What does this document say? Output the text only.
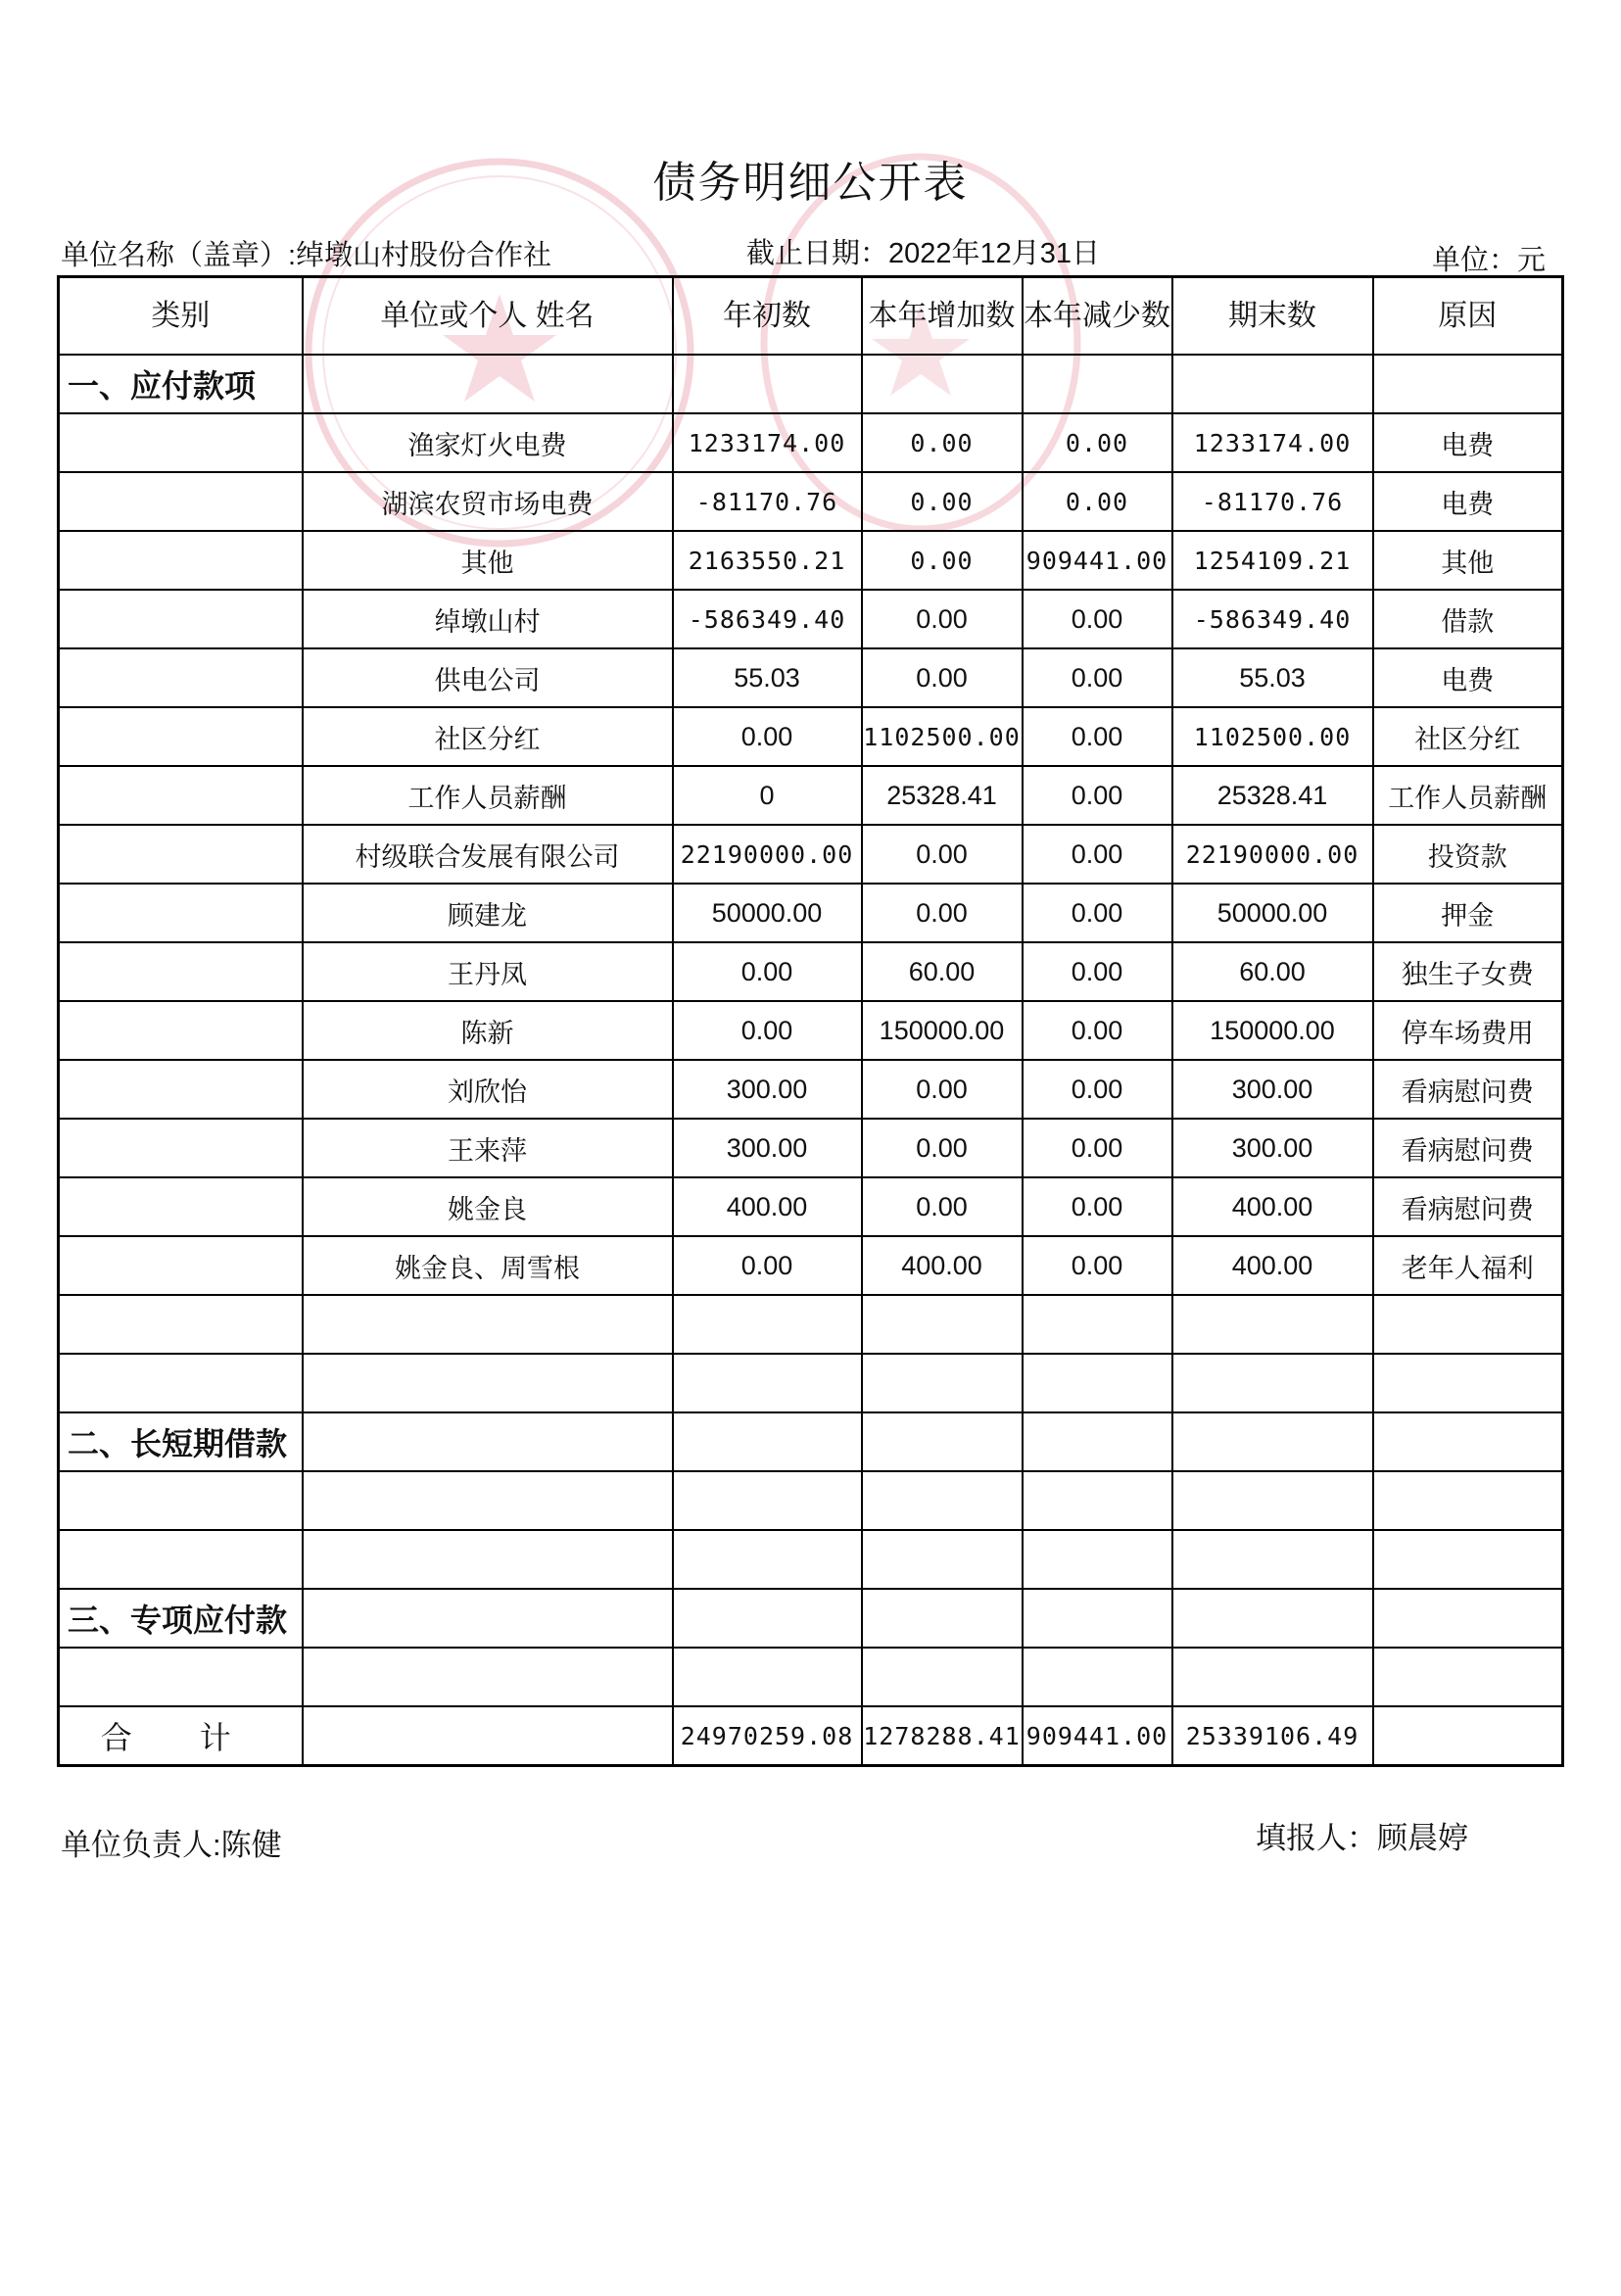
债务明细公开表
单位名称（盖章）:绰墩山村股份合作社	截止日期：2022年12月31日	单位：元
类别	单位或个人 姓名	年初数	本年增加数	本年减少数	期末数	原因
一、应付款项						
	渔家灯火电费	1233174.00	0.00	0.00	1233174.00	电费
	湖滨农贸市场电费	-81170.76	0.00	0.00	-81170.76	电费
	其他	2163550.21	0.00	909441.00	1254109.21	其他
	绰墩山村	-586349.40	0.00	0.00	-586349.40	借款
	供电公司	55.03	0.00	0.00	55.03	电费
	社区分红	0.00	1102500.00	0.00	1102500.00	社区分红
	工作人员薪酬	0	25328.41	0.00	25328.41	工作人员薪酬
	村级联合发展有限公司	22190000.00	0.00	0.00	22190000.00	投资款
	顾建龙	50000.00	0.00	0.00	50000.00	押金
	王丹凤	0.00	60.00	0.00	60.00	独生子女费
	陈新	0.00	150000.00	0.00	150000.00	停车场费用
	刘欣怡	300.00	0.00	0.00	300.00	看病慰问费
	王来萍	300.00	0.00	0.00	300.00	看病慰问费
	姚金良	400.00	0.00	0.00	400.00	看病慰问费
	姚金良、周雪根	0.00	400.00	0.00	400.00	老年人福利

二、长短期借款						

三、专项应付款						

合 计		24970259.08	1278288.41	909441.00	25339106.49	
单位负责人:陈健	填报人：顾晨婷
